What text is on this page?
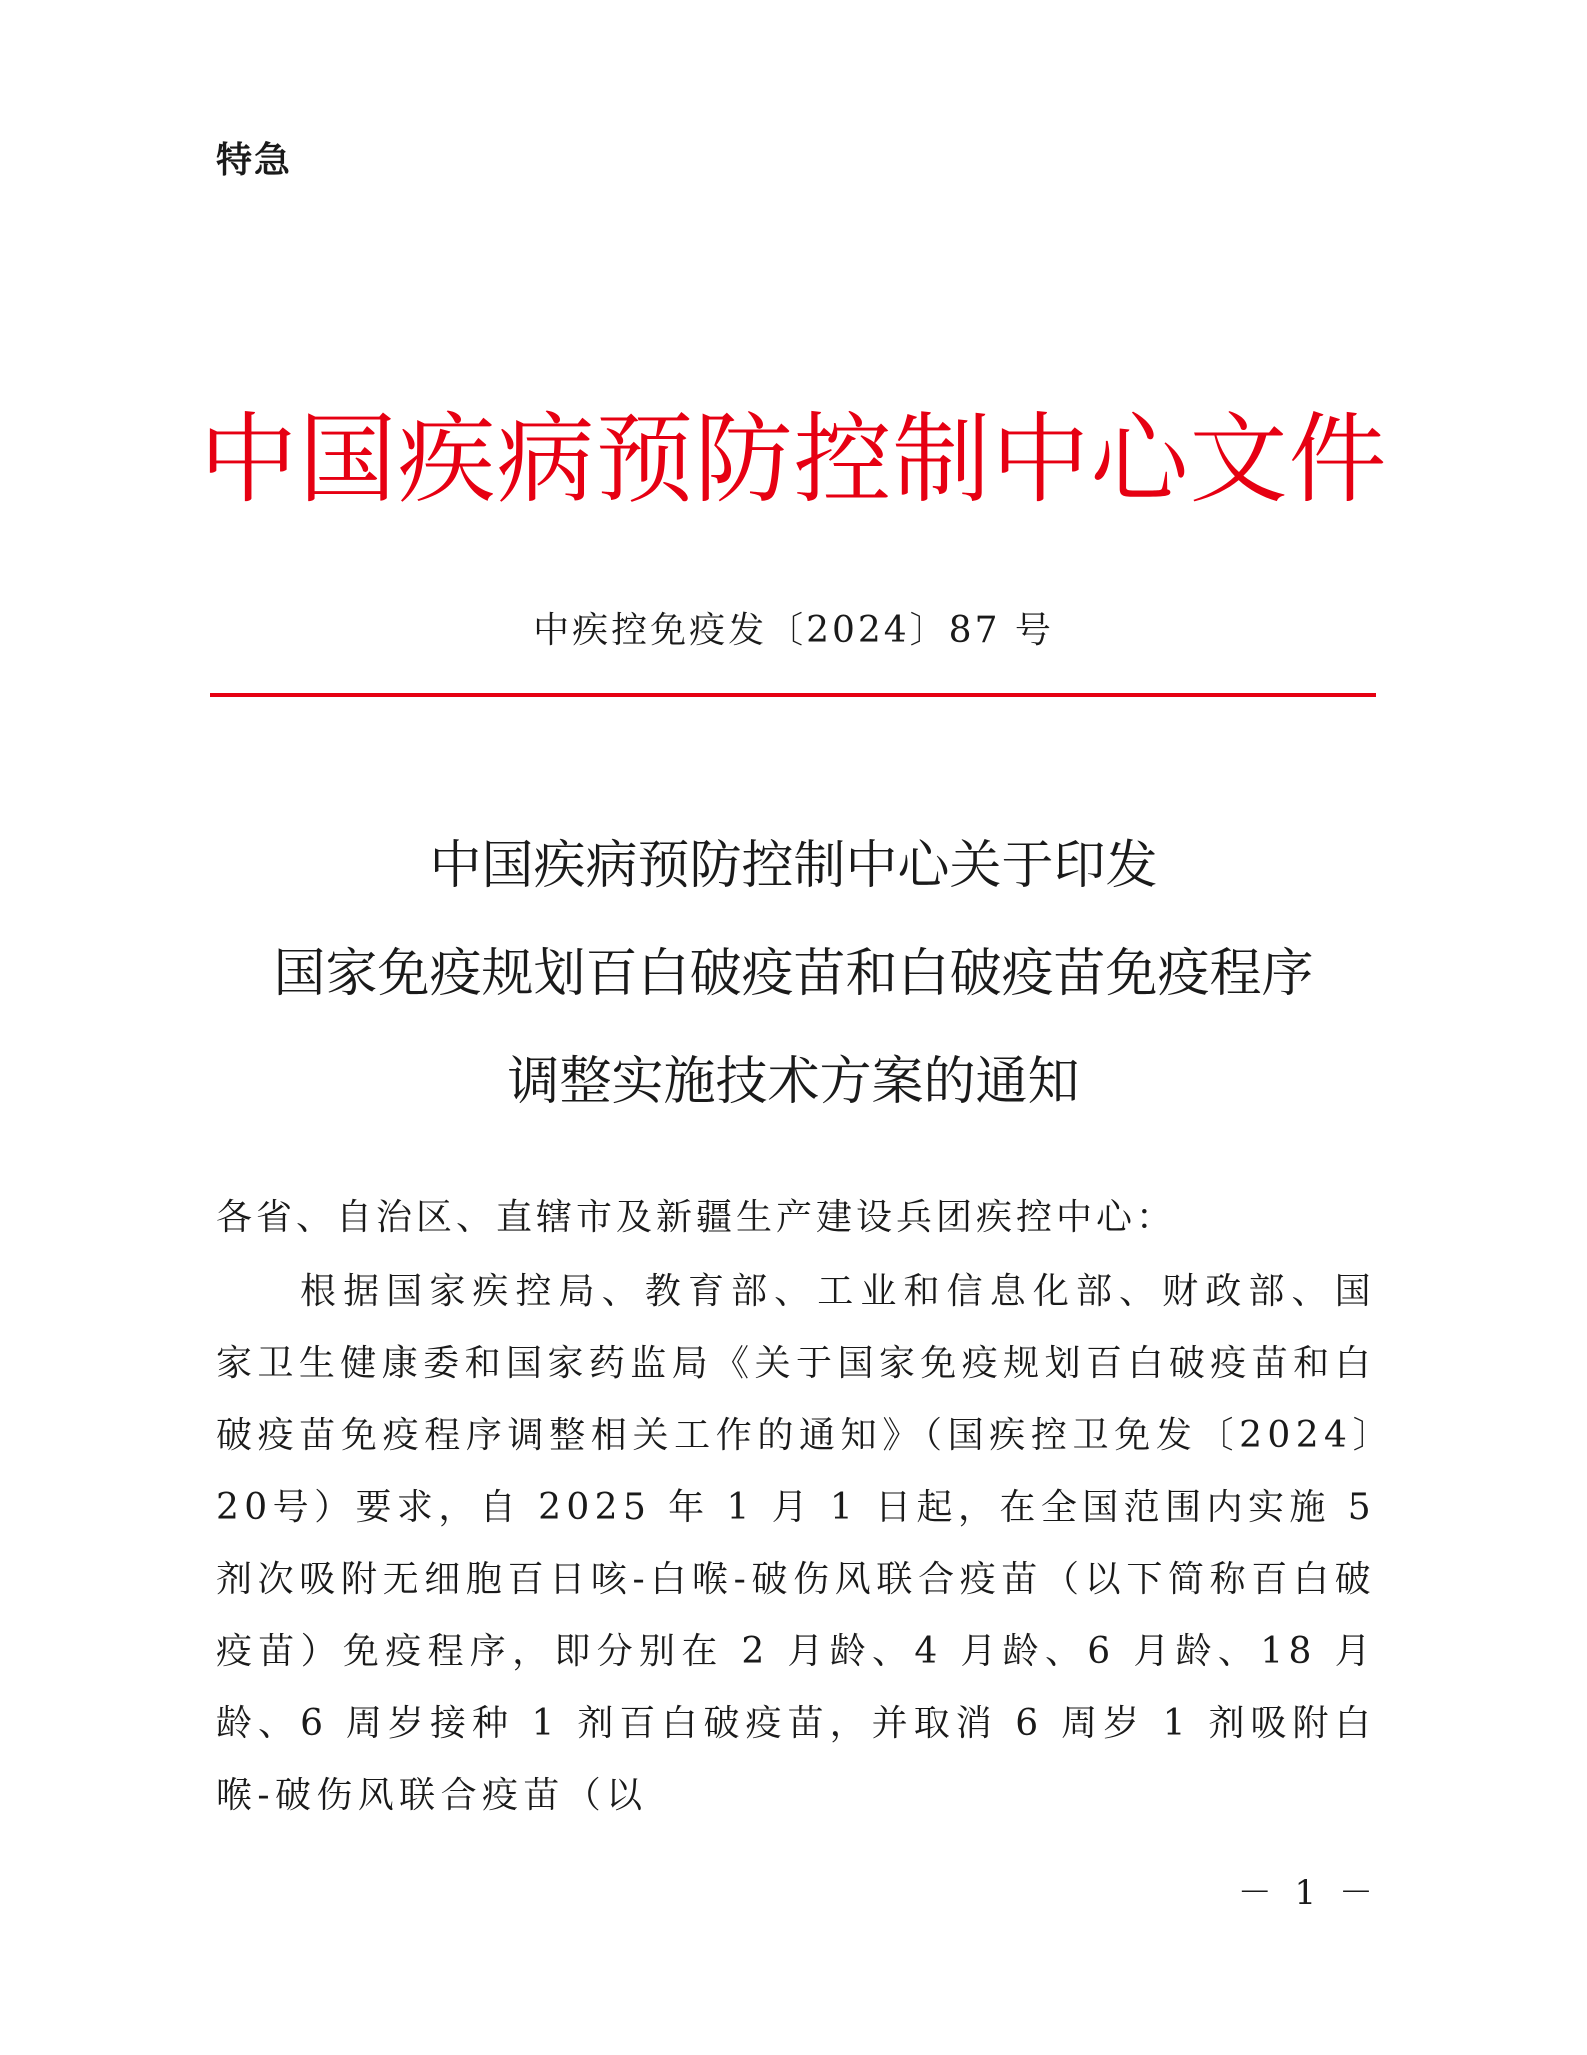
特急

中国疾病预防控制中心文件

中疾控免疫发〔2024〕87 号

中国疾病预防控制中心关于印发
国家免疫规划百白破疫苗和白破疫苗免疫程序
调整实施技术方案的通知

各省、自治区、直辖市及新疆生产建设兵团疾控中心：

根据国家疾控局、教育部、工业和信息化部、财政部、国家卫生健康委和国家药监局《关于国家免疫规划百白破疫苗和白破疫苗免疫程序调整相关工作的通知》（国疾控卫免发〔2024〕20号）要求，自 2025 年 1 月 1 日起，在全国范围内实施 5 剂次吸附无细胞百日咳-白喉-破伤风联合疫苗（以下简称百白破疫苗）免疫程序，即分别在 2 月龄、4 月龄、6 月龄、18 月龄、6 周岁接种 1 剂百白破疫苗，并取消 6 周岁 1 剂吸附白喉-破伤风联合疫苗（以

－ 1 －
